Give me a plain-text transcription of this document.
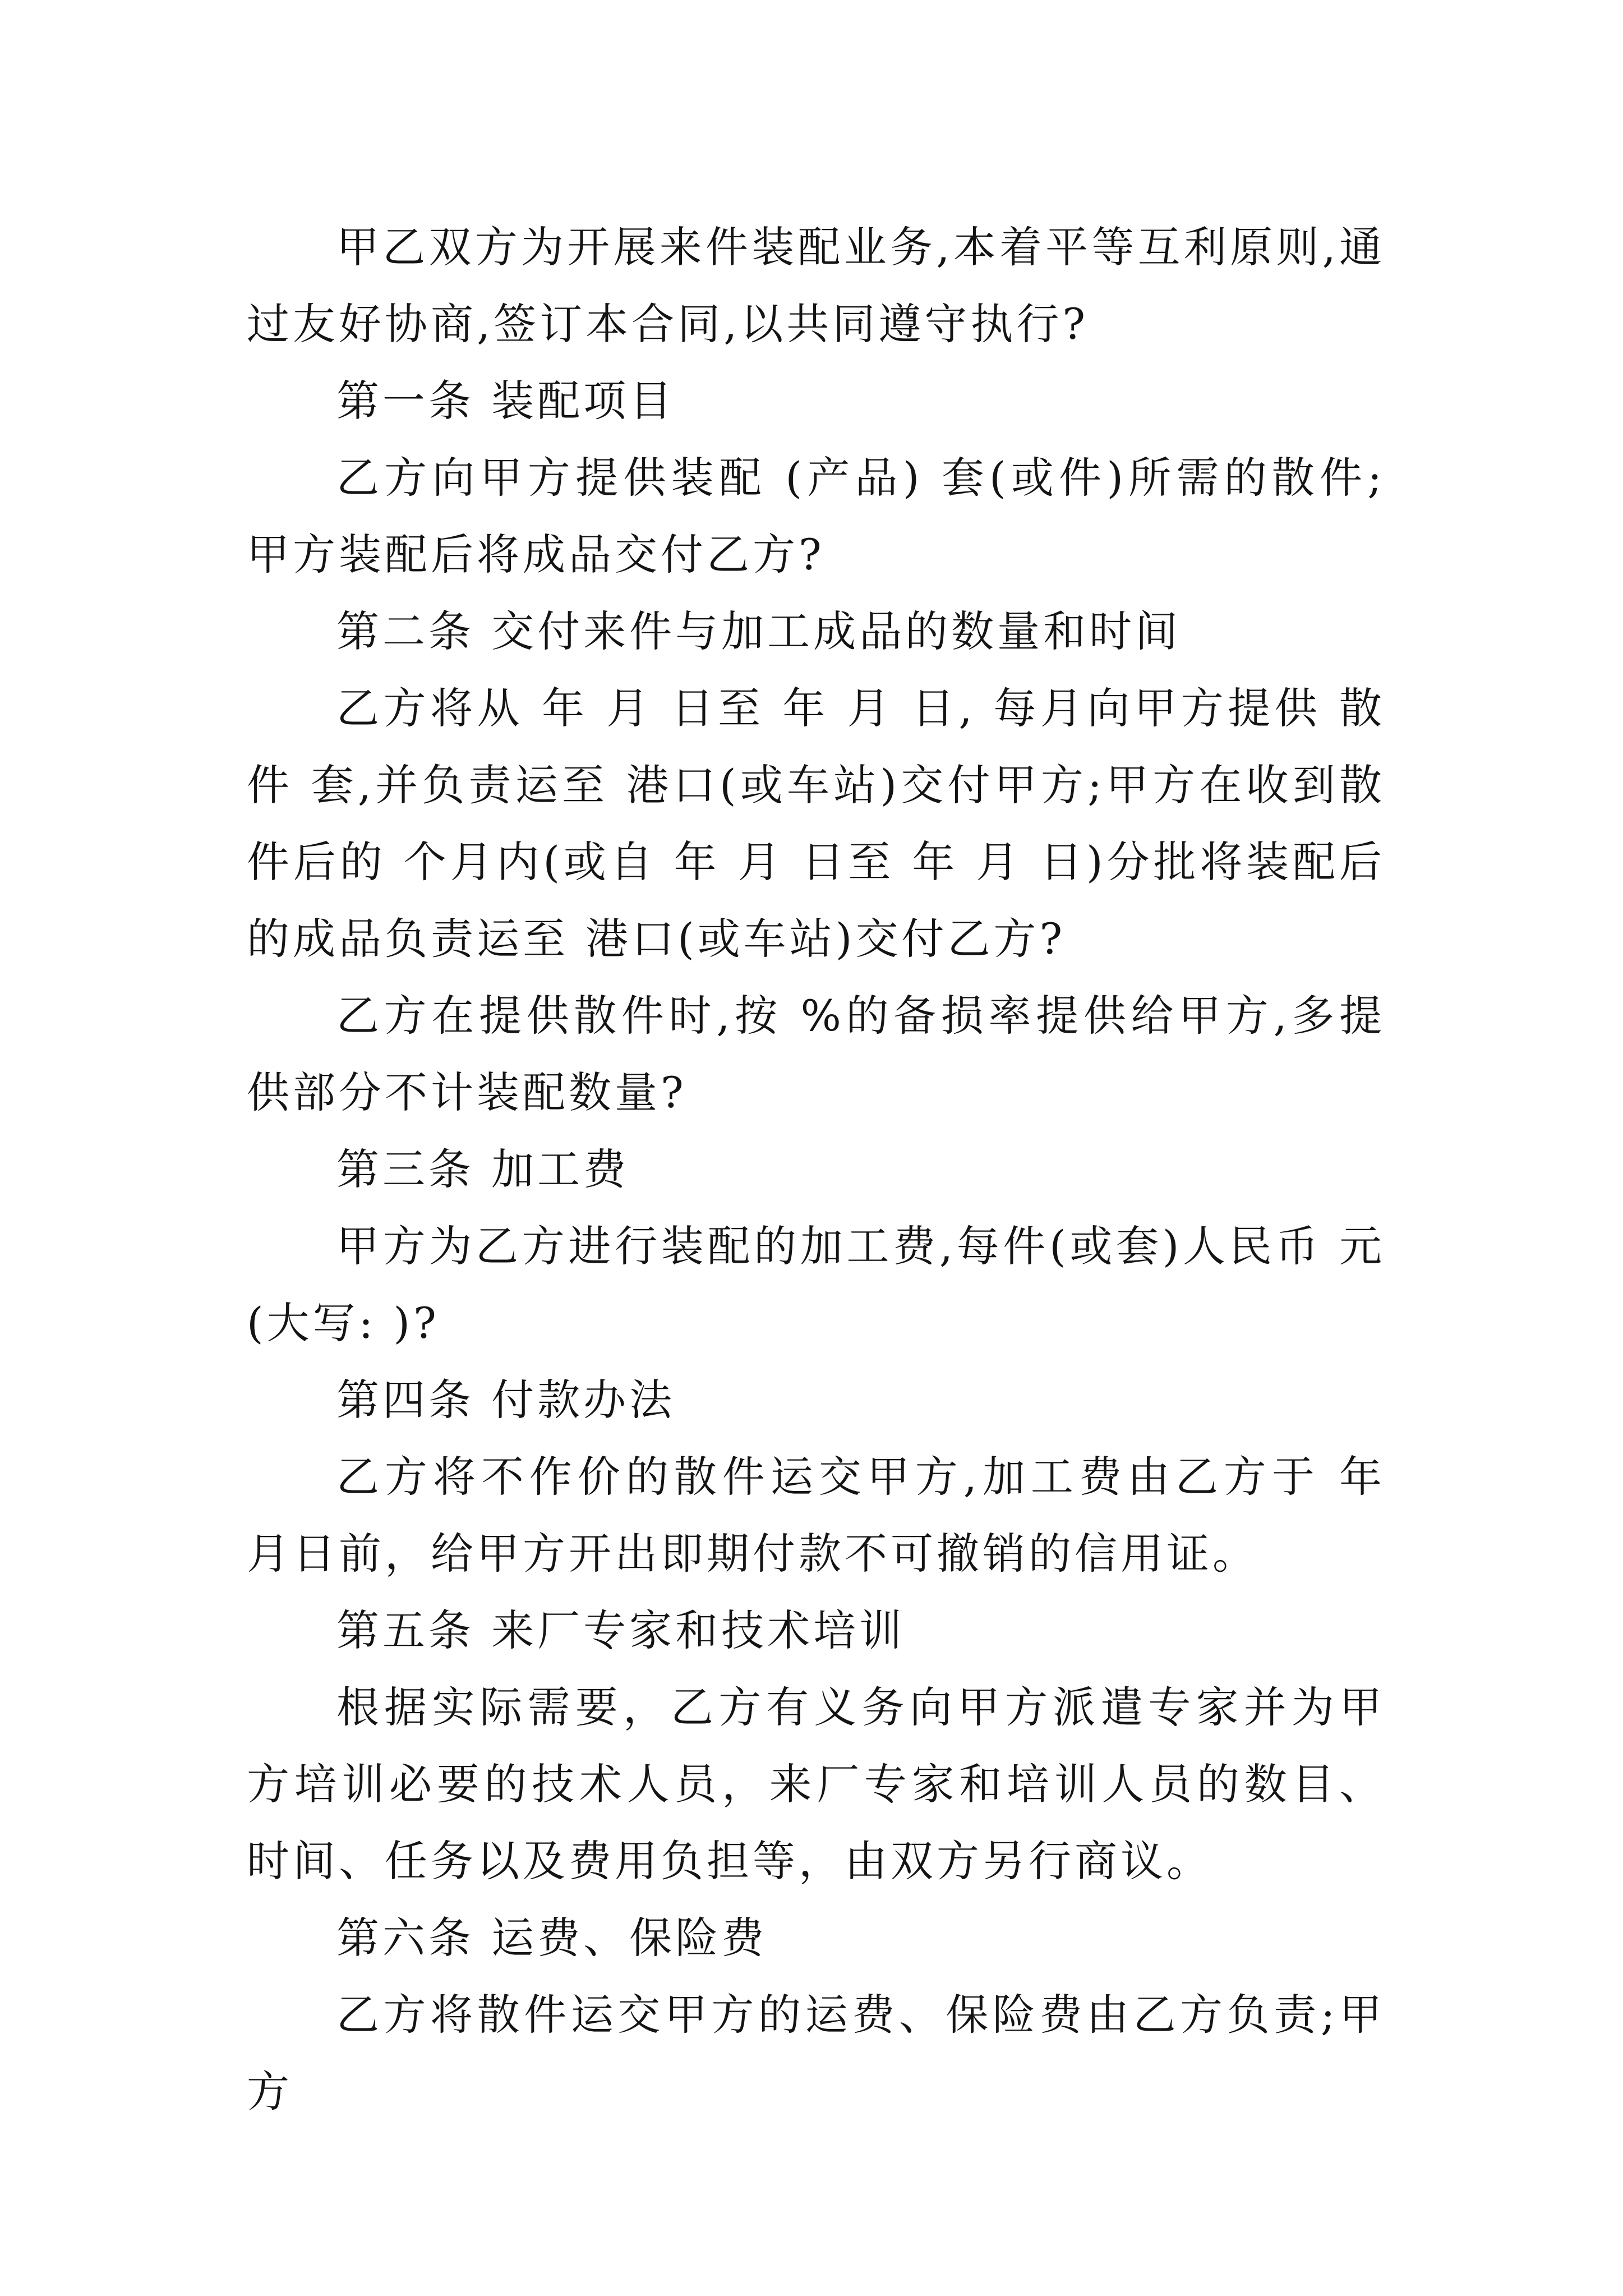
甲乙双方为开展来件装配业务,本着平等互利原则,通过友好协商,签订本合同,以共同遵守执行?

第一条 装配项目

乙方向甲方提供装配 (产品) 套(或件)所需的散件;甲方装配后将成品交付乙方?

第二条 交付来件与加工成品的数量和时间

乙方将从 年 月 日至 年 月 日, 每月向甲方提供 散件 套,并负责运至 港口(或车站)交付甲方;甲方在收到散件后的 个月内(或自 年 月 日至 年 月 日)分批将装配后的成品负责运至 港口(或车站)交付乙方?

乙方在提供散件时,按 %的备损率提供给甲方,多提供部分不计装配数量?

第三条 加工费

甲方为乙方进行装配的加工费,每件(或套)人民币 元(大写: )?

第四条 付款办法

乙方将不作价的散件运交甲方,加工费由乙方于 年 月日前，给甲方开出即期付款不可撤销的信用证。

第五条 来厂专家和技术培训

根据实际需要，乙方有义务向甲方派遣专家并为甲方培训必要的技术人员，来厂专家和培训人员的数目、时间、任务以及费用负担等，由双方另行商议。

第六条 运费、保险费

乙方将散件运交甲方的运费、保险费由乙方负责;甲方
